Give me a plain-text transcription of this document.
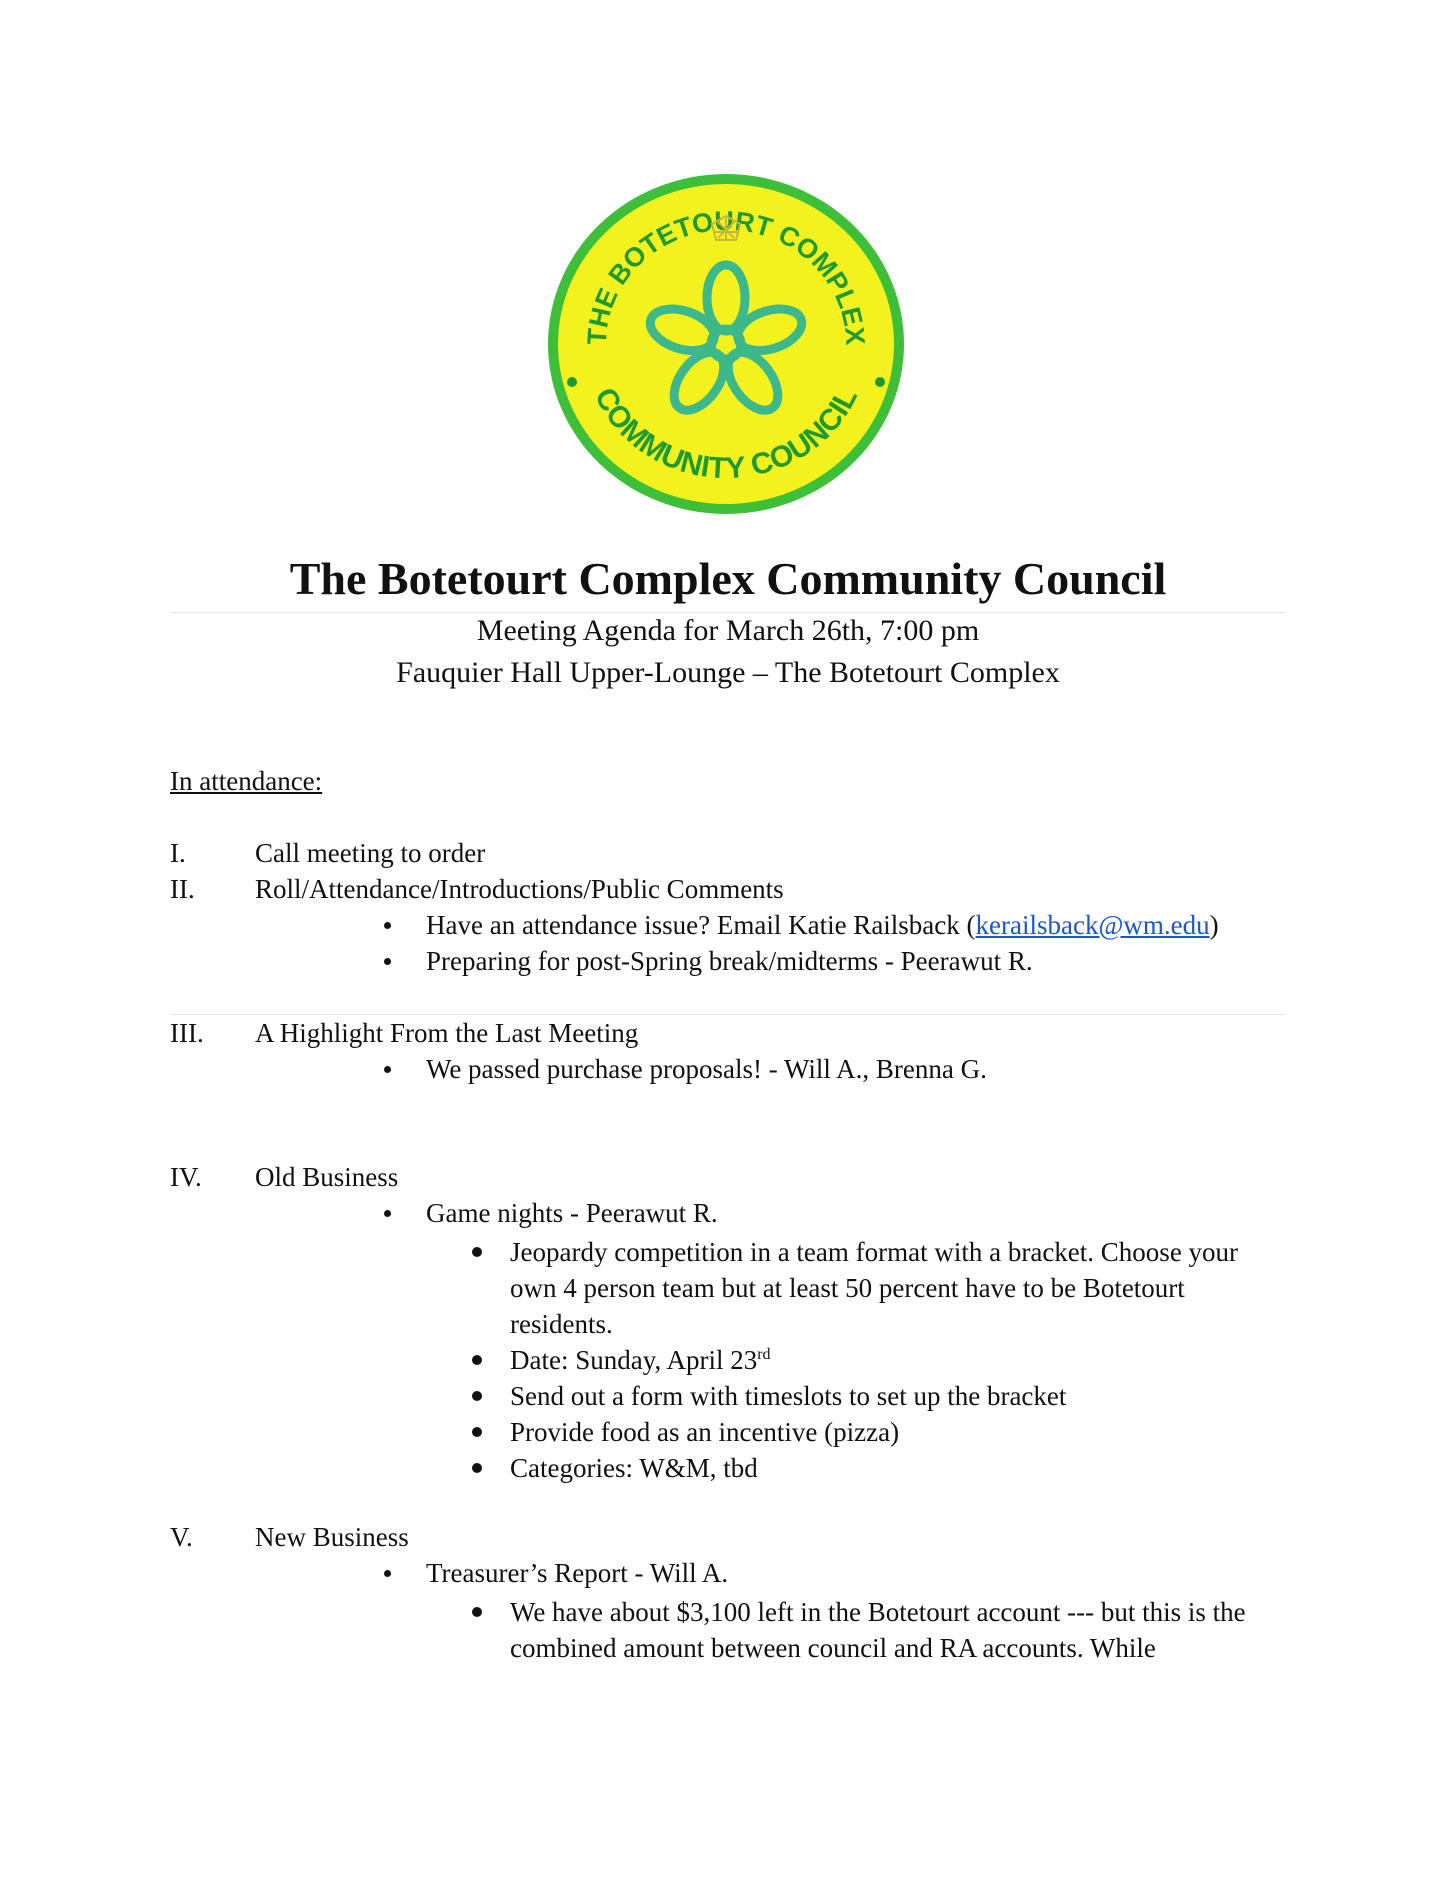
THE BOTETOURT COMPLEX
COMMUNITY COUNCIL
The Botetourt Complex Community Council
Meeting Agenda for March 26th, 7:00 pm
Fauquier Hall Upper-Lounge – The Botetourt Complex
In attendance:
I.	Call meeting to order
II. Roll/Attendance/Introductions/Public Comments
Have an attendance issue? Email Katie Railsback (kerailsback@wm.edu)
Preparing for post-Spring break/midterms - Peerawut R.
III. A Highlight From the Last Meeting
We passed purchase proposals! - Will A., Brenna G.
IV. Old Business
Game nights - Peerawut R.
Jeopardy competition in a team format with a bracket. Choose your own 4 person team but at least 50 percent have to be Botetourt residents.
Date: Sunday, April 23rd
Send out a form with timeslots to set up the bracket
Provide food as an incentive (pizza)
Categories: W&M, tbd
V. New Business
Treasurer’s Report - Will A.
We have about $3,100 left in the Botetourt account --- but this is the combined amount between council and RA accounts. While
